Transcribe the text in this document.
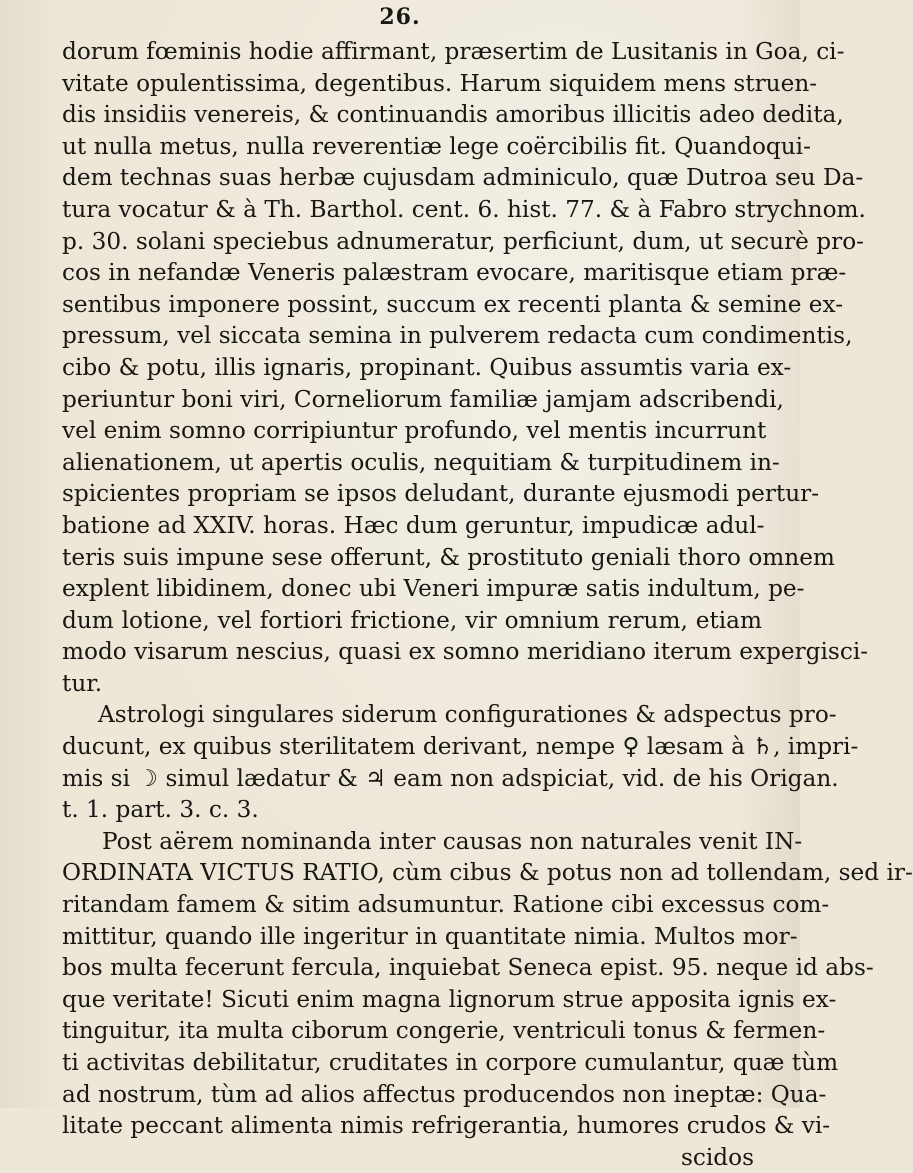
26.
dorum fœminis hodie affirmant, præsertim de Lusitanis in Goa, ci-
vitate opulentissima, degentibus. Harum siquidem mens struen-
dis insidiis venereis, & continuandis amoribus illicitis adeo dedita,
ut nulla metus, nulla reverentiæ lege coërcibilis fit. Quandoqui-
dem technas suas herbæ cujusdam adminiculo, quæ Dutroa seu Da-
tura vocatur & à Th. Barthol. cent. 6. hist. 77. & à Fabro strychnom.
p. 30. solani speciebus adnumeratur, perficiunt, dum, ut securè pro-
cos in nefandæ Veneris palæstram evocare, maritisque etiam præ-
sentibus imponere possint, succum ex recenti planta & semine ex-
pressum, vel siccata semina in pulverem redacta cum condimentis,
cibo & potu, illis ignaris, propinant. Quibus assumtis varia ex-
periuntur boni viri, Corneliorum familiæ jamjam adscribendi,
vel enim somno corripiuntur profundo, vel mentis incurrunt
alienationem, ut apertis oculis, nequitiam & turpitudinem in-
spicientes propriam se ipsos deludant, durante ejusmodi pertur-
batione ad XXIV. horas. Hæc dum geruntur, impudicæ adul-
teris suis impune sese offerunt, & prostituto geniali thoro omnem
explent libidinem, donec ubi Veneri impuræ satis indultum, pe-
dum lotione, vel fortiori frictione, vir omnium rerum, etiam
modo visarum nescius, quasi ex somno meridiano iterum expergisci-
tur.
Astrologi singulares siderum configurationes & adspectus pro-
ducunt, ex quibus sterilitatem derivant, nempe ♀ læsam à ♄, impri-
mis si ☽ simul lædatur & ♃ eam non adspiciat, vid. de his Origan.
t. 1. part. 3. c. 3.
Post aërem nominanda inter causas non naturales venit IN-
ORDINATA VICTUS RATIO, cùm cibus & potus non ad tollendam, sed ir-
ritandam famem & sitim adsumuntur. Ratione cibi excessus com-
mittitur, quando ille ingeritur in quantitate nimia. Multos mor-
bos multa fecerunt fercula, inquiebat Seneca epist. 95. neque id abs-
que veritate! Sicuti enim magna lignorum strue apposita ignis ex-
tinguitur, ita multa ciborum congerie, ventriculi tonus & fermen-
ti activitas debilitatur, cruditates in corpore cumulantur, quæ tùm
ad nostrum, tùm ad alios affectus producendos non ineptæ: Qua-
litate peccant alimenta nimis refrigerantia, humores crudos & vi-
scidos
